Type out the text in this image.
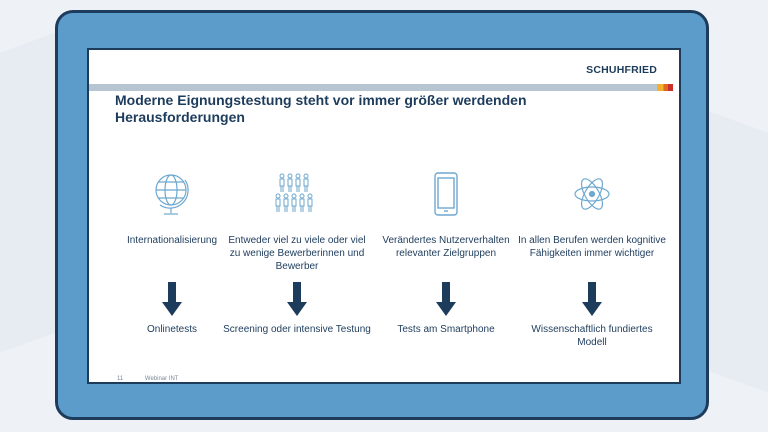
SCHUHFRIED
Moderne Eignungstestung steht vor immer größer werdenden Herausforderungen
Internationalisierung
Onlinetests
Entweder viel zu viele oder viel zu wenige Bewerberinnen und Bewerber
Screening oder intensive Testung
Verändertes Nutzerverhalten relevanter Zielgruppen
Tests am Smartphone
In allen Berufen werden kognitive Fähigkeiten immer wichtiger
Wissenschaftlich fundiertes Modell
11	Webinar INT
